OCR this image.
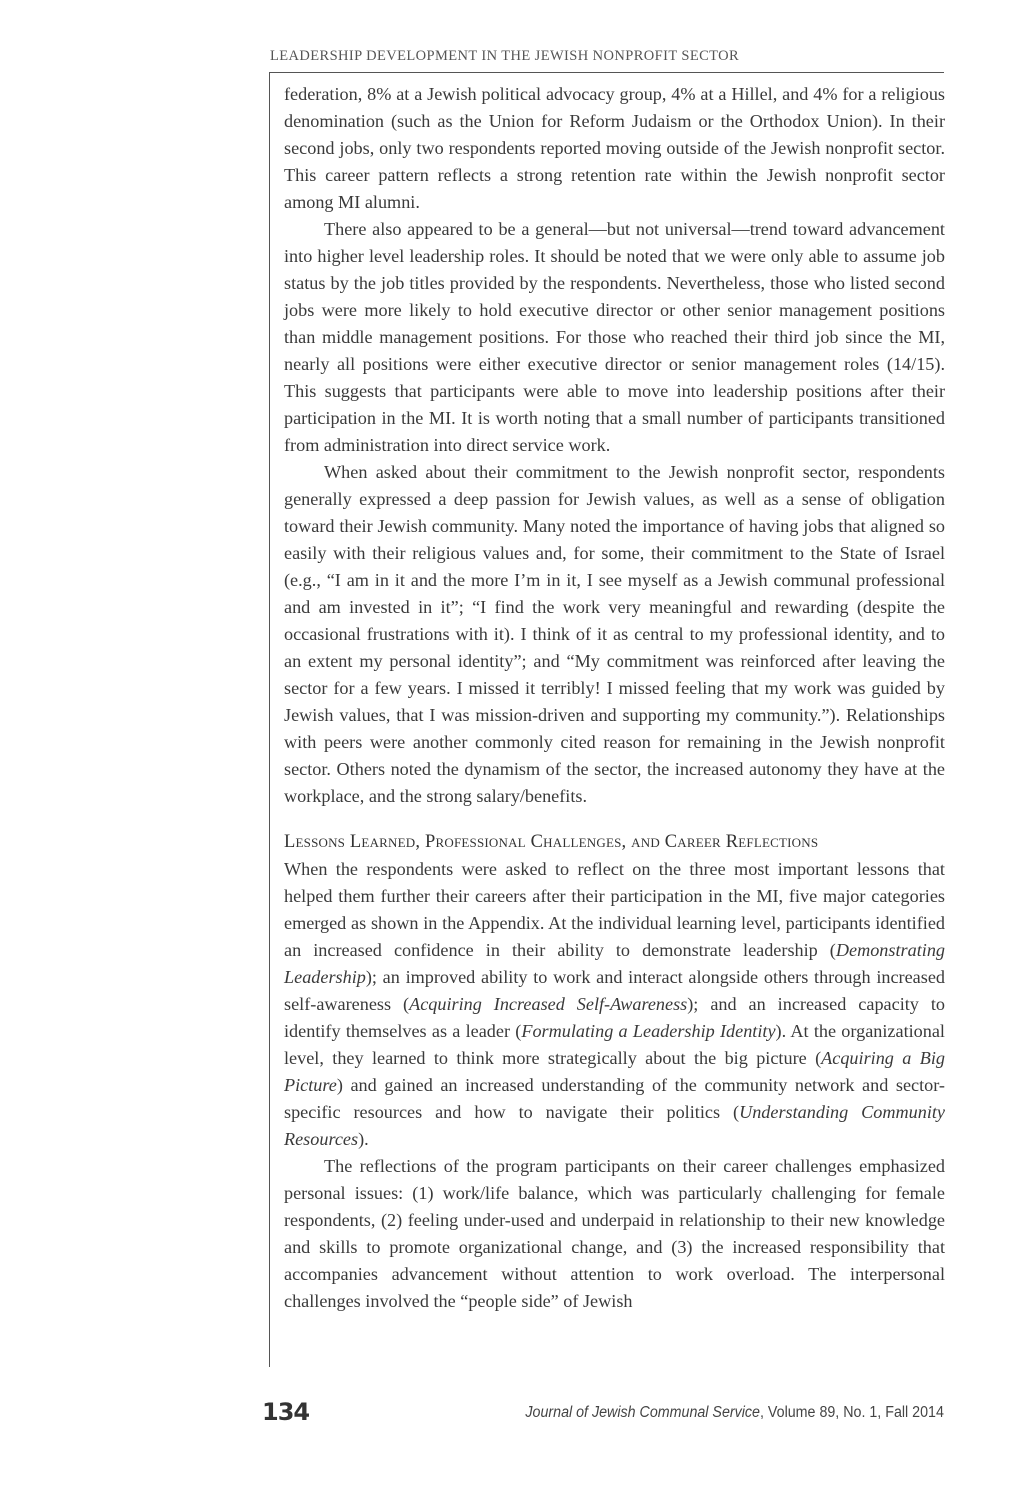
LEADERSHIP DEVELOPMENT IN THE JEWISH NONPROFIT SECTOR

federation, 8% at a Jewish political advocacy group, 4% at a Hillel, and 4% for a religious denomination (such as the Union for Reform Judaism or the Orthodox Union). In their second jobs, only two respondents reported moving outside of the Jewish nonprofit sector. This career pattern reflects a strong retention rate within the Jewish nonprofit sector among MI alumni.

There also appeared to be a general—but not universal—trend toward advancement into higher level leadership roles. It should be noted that we were only able to assume job status by the job titles provided by the respondents. Nevertheless, those who listed second jobs were more likely to hold executive director or other senior management positions than middle management positions. For those who reached their third job since the MI, nearly all positions were either executive director or senior management roles (14/15). This suggests that participants were able to move into leadership positions after their participation in the MI. It is worth noting that a small number of participants transitioned from administration into direct service work.

When asked about their commitment to the Jewish nonprofit sector, respondents generally expressed a deep passion for Jewish values, as well as a sense of obligation toward their Jewish community. Many noted the importance of having jobs that aligned so easily with their religious values and, for some, their commitment to the State of Israel (e.g., “I am in it and the more I’m in it, I see myself as a Jewish communal professional and am invested in it”; “I find the work very meaningful and rewarding (despite the occasional frustrations with it). I think of it as central to my professional identity, and to an extent my personal identity”; and “My commitment was reinforced after leaving the sector for a few years. I missed it terribly! I missed feeling that my work was guided by Jewish values, that I was mission-driven and supporting my community.”). Relationships with peers were another commonly cited reason for remaining in the Jewish nonprofit sector. Others noted the dynamism of the sector, the increased autonomy they have at the workplace, and the strong salary/benefits.

Lessons Learned, Professional Challenges, and Career Reflections

When the respondents were asked to reflect on the three most important lessons that helped them further their careers after their participation in the MI, five major categories emerged as shown in the Appendix. At the individual learning level, participants identified an increased confidence in their ability to demonstrate leadership (Demonstrating Leadership); an improved ability to work and interact alongside others through increased self-awareness (Acquiring Increased Self-Awareness); and an increased capacity to identify themselves as a leader (Formulating a Leadership Identity). At the organizational level, they learned to think more strategically about the big picture (Acquiring a Big Picture) and gained an increased understanding of the community network and sector-specific resources and how to navigate their politics (Understanding Community Resources).

The reflections of the program participants on their career challenges emphasized personal issues: (1) work/life balance, which was particularly challenging for female respondents, (2) feeling under-used and underpaid in relationship to their new knowledge and skills to promote organizational change, and (3) the increased responsibility that accompanies advancement without attention to work overload. The interpersonal challenges involved the “people side” of Jewish

134	Journal of Jewish Communal Service, Volume 89, No. 1, Fall 2014
